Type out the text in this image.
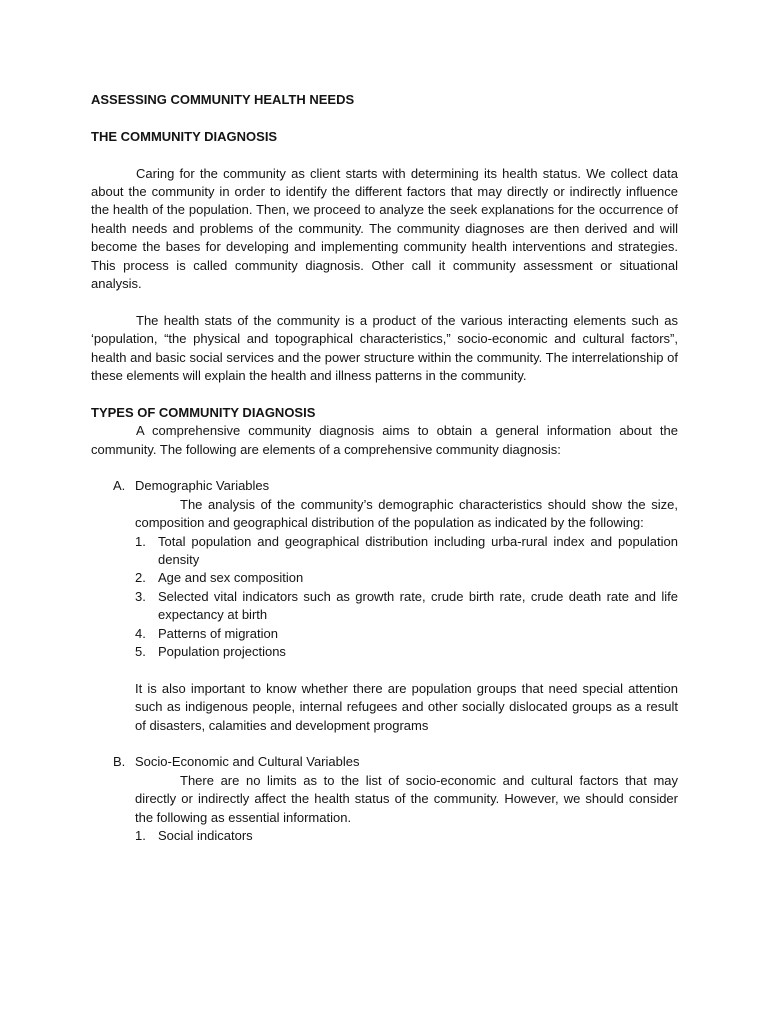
ASSESSING COMMUNITY HEALTH NEEDS

THE COMMUNITY DIAGNOSIS

Caring for the community as client starts with determining its health status. We collect data about the community in order to identify the different factors that may directly or indirectly influence the health of the population. Then, we proceed to analyze the seek explanations for the occurrence of health needs and problems of the community. The community diagnoses are then derived and will become the bases for developing and implementing community health interventions and strategies. This process is called community diagnosis. Other call it community assessment or situational analysis.

The health stats of the community is a product of the various interacting elements such as ‘population, “the physical and topographical characteristics,” socio-economic and cultural factors”, health and basic social services and the power structure within the community. The interrelationship of these elements will explain the health and illness patterns in the community.

TYPES OF COMMUNITY DIAGNOSIS

A comprehensive community diagnosis aims to obtain a general information about the community. The following are elements of a comprehensive community diagnosis:

A. Demographic Variables

The analysis of the community’s demographic characteristics should show the size, composition and geographical distribution of the population as indicated by the following:

1. Total population and geographical distribution including urba-rural index and population density
2. Age and sex composition
3. Selected vital indicators such as growth rate, crude birth rate, crude death rate and life expectancy at birth
4. Patterns of migration
5. Population projections

It is also important to know whether there are population groups that need special attention such as indigenous people, internal refugees and other socially dislocated groups as a result of disasters, calamities and development programs

B. Socio-Economic and Cultural Variables

There are no limits as to the list of socio-economic and cultural factors that may directly or indirectly affect the health status of the community. However, we should consider the following as essential information.

1. Social indicators
